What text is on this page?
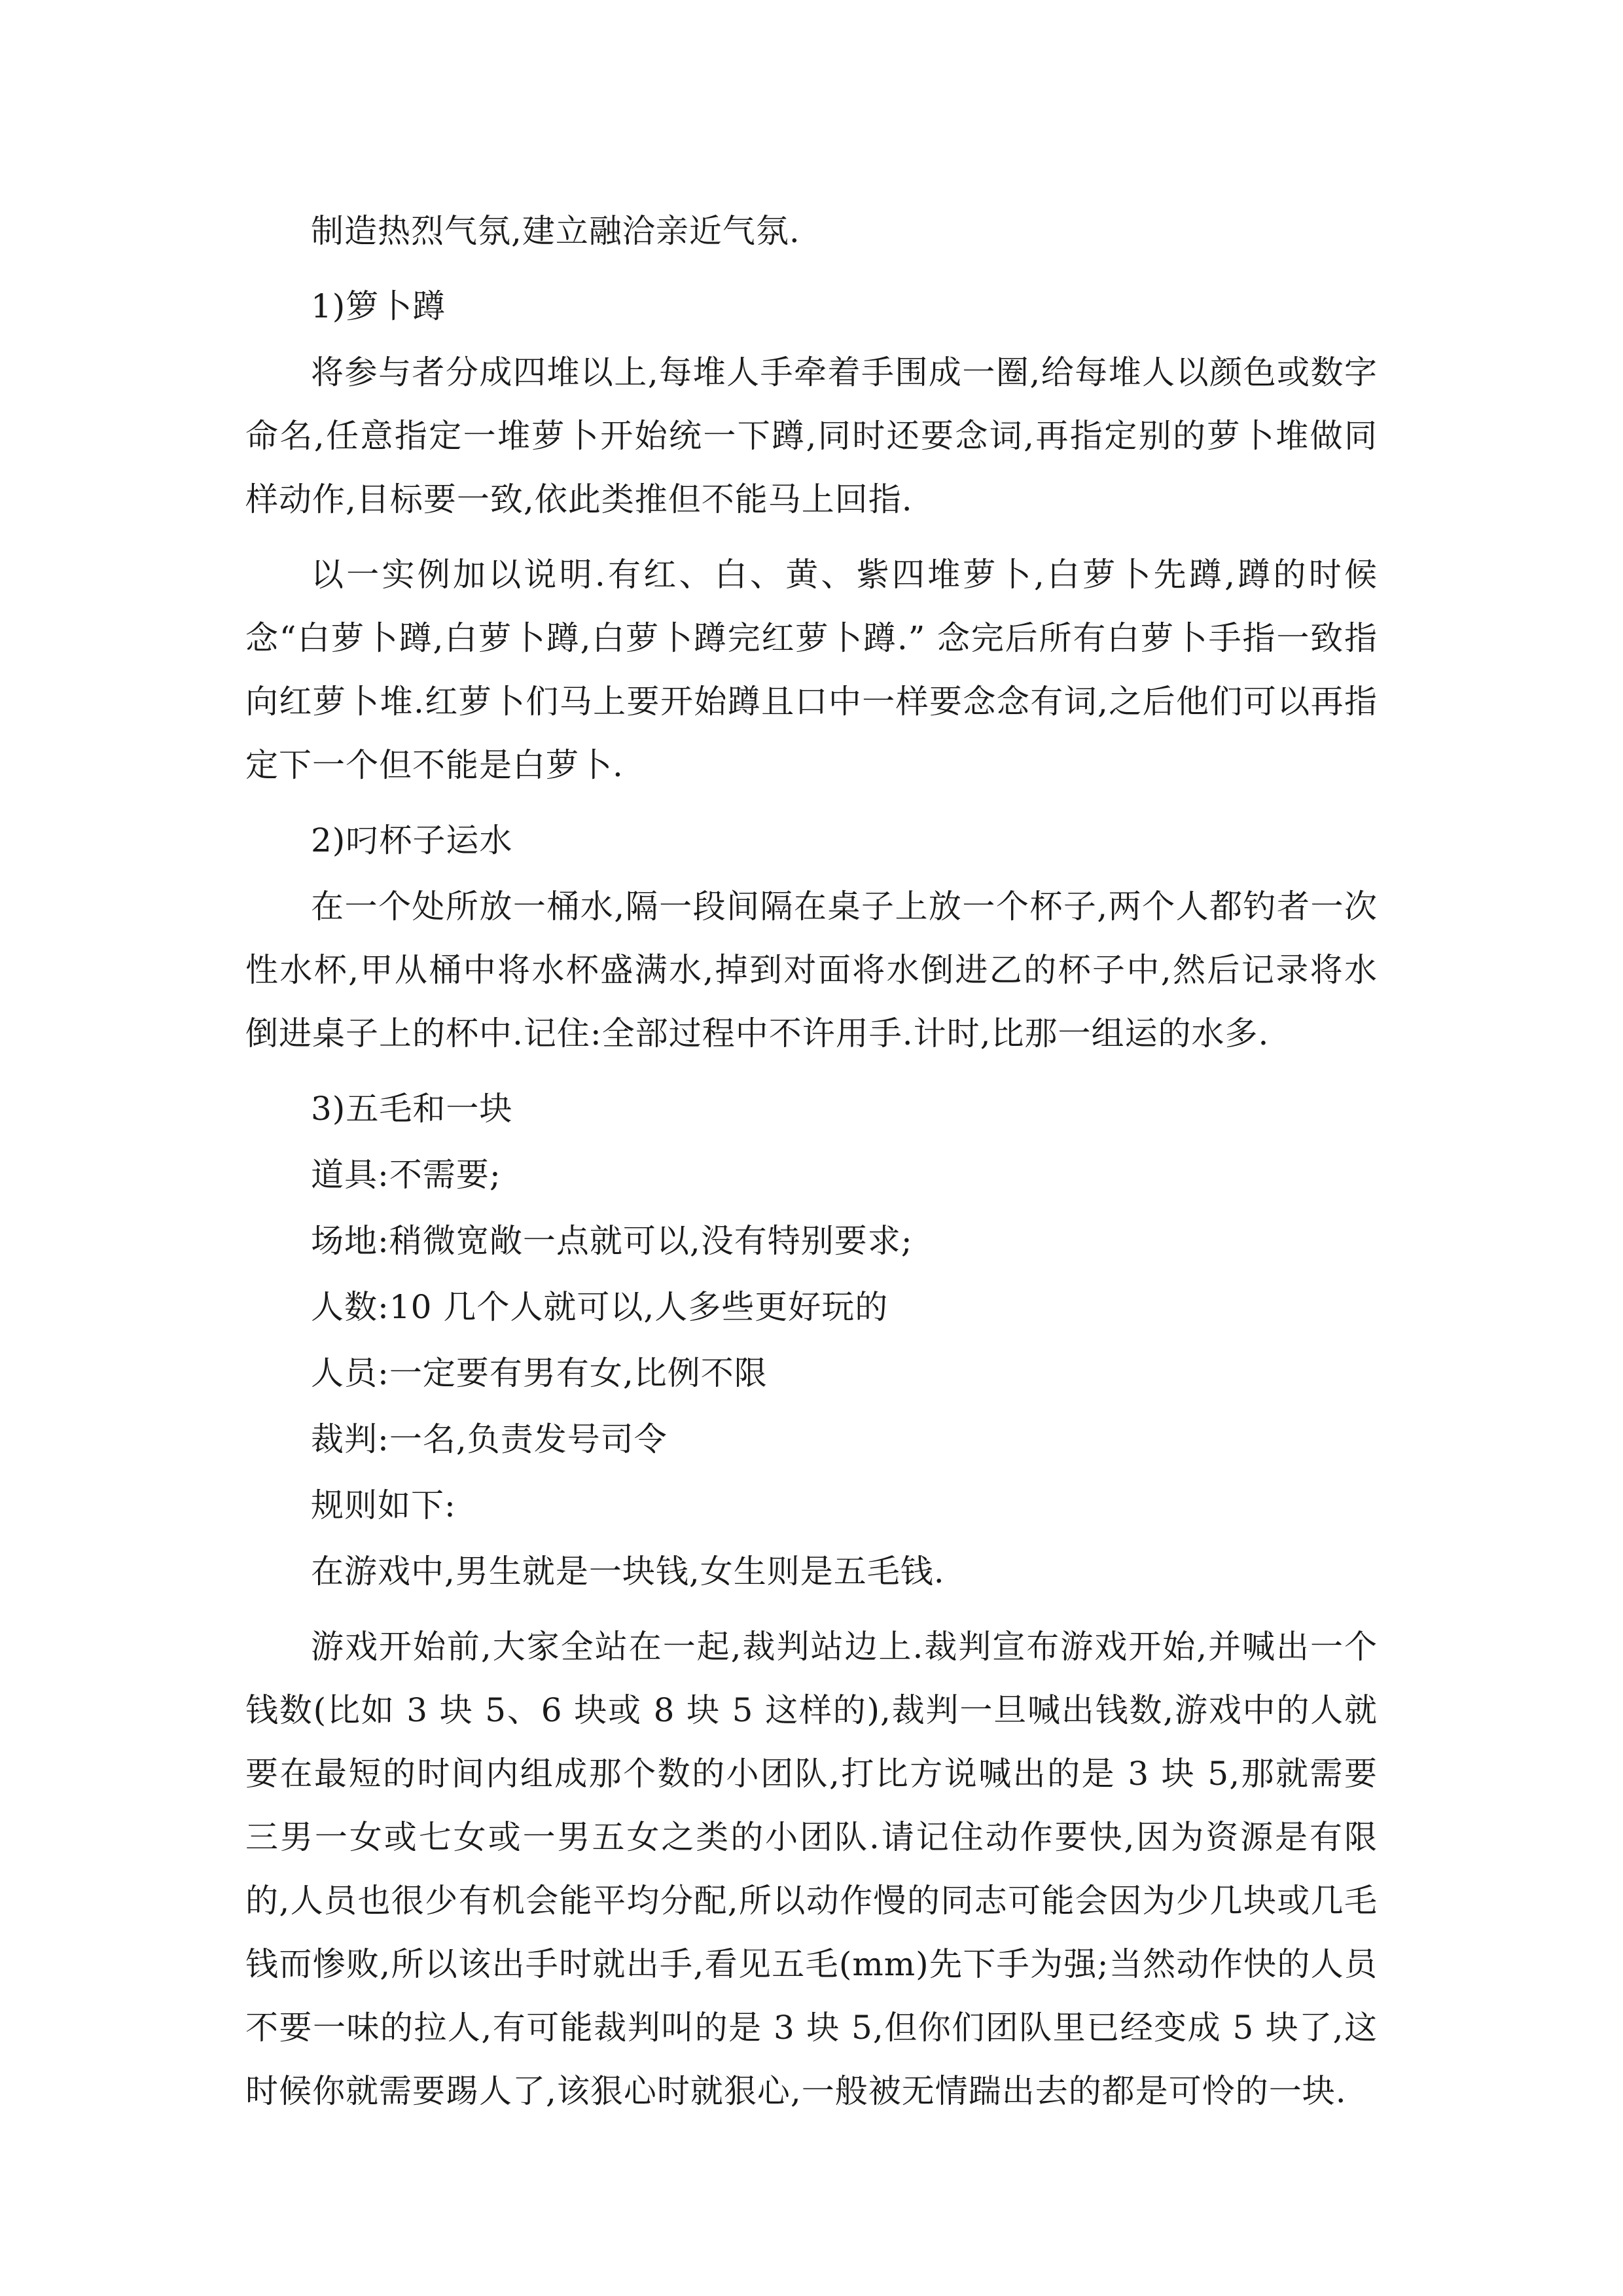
制造热烈气氛,建立融洽亲近气氛.

1)箩卜蹲

将参与者分成四堆以上,每堆人手牵着手围成一圈,给每堆人以颜色或数字命名,任意指定一堆萝卜开始统一下蹲,同时还要念词,再指定别的萝卜堆做同样动作,目标要一致,依此类推但不能马上回指.

以一实例加以说明.有红、白、黄、紫四堆萝卜,白萝卜先蹲,蹲的时候念“白萝卜蹲,白萝卜蹲,白萝卜蹲完红萝卜蹲.” 念完后所有白萝卜手指一致指向红萝卜堆.红萝卜们马上要开始蹲且口中一样要念念有词,之后他们可以再指定下一个但不能是白萝卜.

2)叼杯子运水

在一个处所放一桶水,隔一段间隔在桌子上放一个杯子,两个人都钓者一次性水杯,甲从桶中将水杯盛满水,掉到对面将水倒进乙的杯子中,然后记录将水倒进桌子上的杯中.记住:全部过程中不许用手.计时,比那一组运的水多.

3)五毛和一块

道具:不需要;

场地:稍微宽敞一点就可以,没有特别要求;

人数:10 几个人就可以,人多些更好玩的

人员:一定要有男有女,比例不限

裁判:一名,负责发号司令

规则如下:

在游戏中,男生就是一块钱,女生则是五毛钱.

游戏开始前,大家全站在一起,裁判站边上.裁判宣布游戏开始,并喊出一个钱数(比如 3 块 5、6 块或 8 块 5 这样的),裁判一旦喊出钱数,游戏中的人就要在最短的时间内组成那个数的小团队,打比方说喊出的是 3 块 5,那就需要三男一女或七女或一男五女之类的小团队.请记住动作要快,因为资源是有限的,人员也很少有机会能平均分配,所以动作慢的同志可能会因为少几块或几毛钱而惨败,所以该出手时就出手,看见五毛(mm)先下手为强;当然动作快的人员不要一味的拉人,有可能裁判叫的是 3 块 5,但你们团队里已经变成 5 块了,这时候你就需要踢人了,该狠心时就狠心,一般被无情踹出去的都是可怜的一块.
